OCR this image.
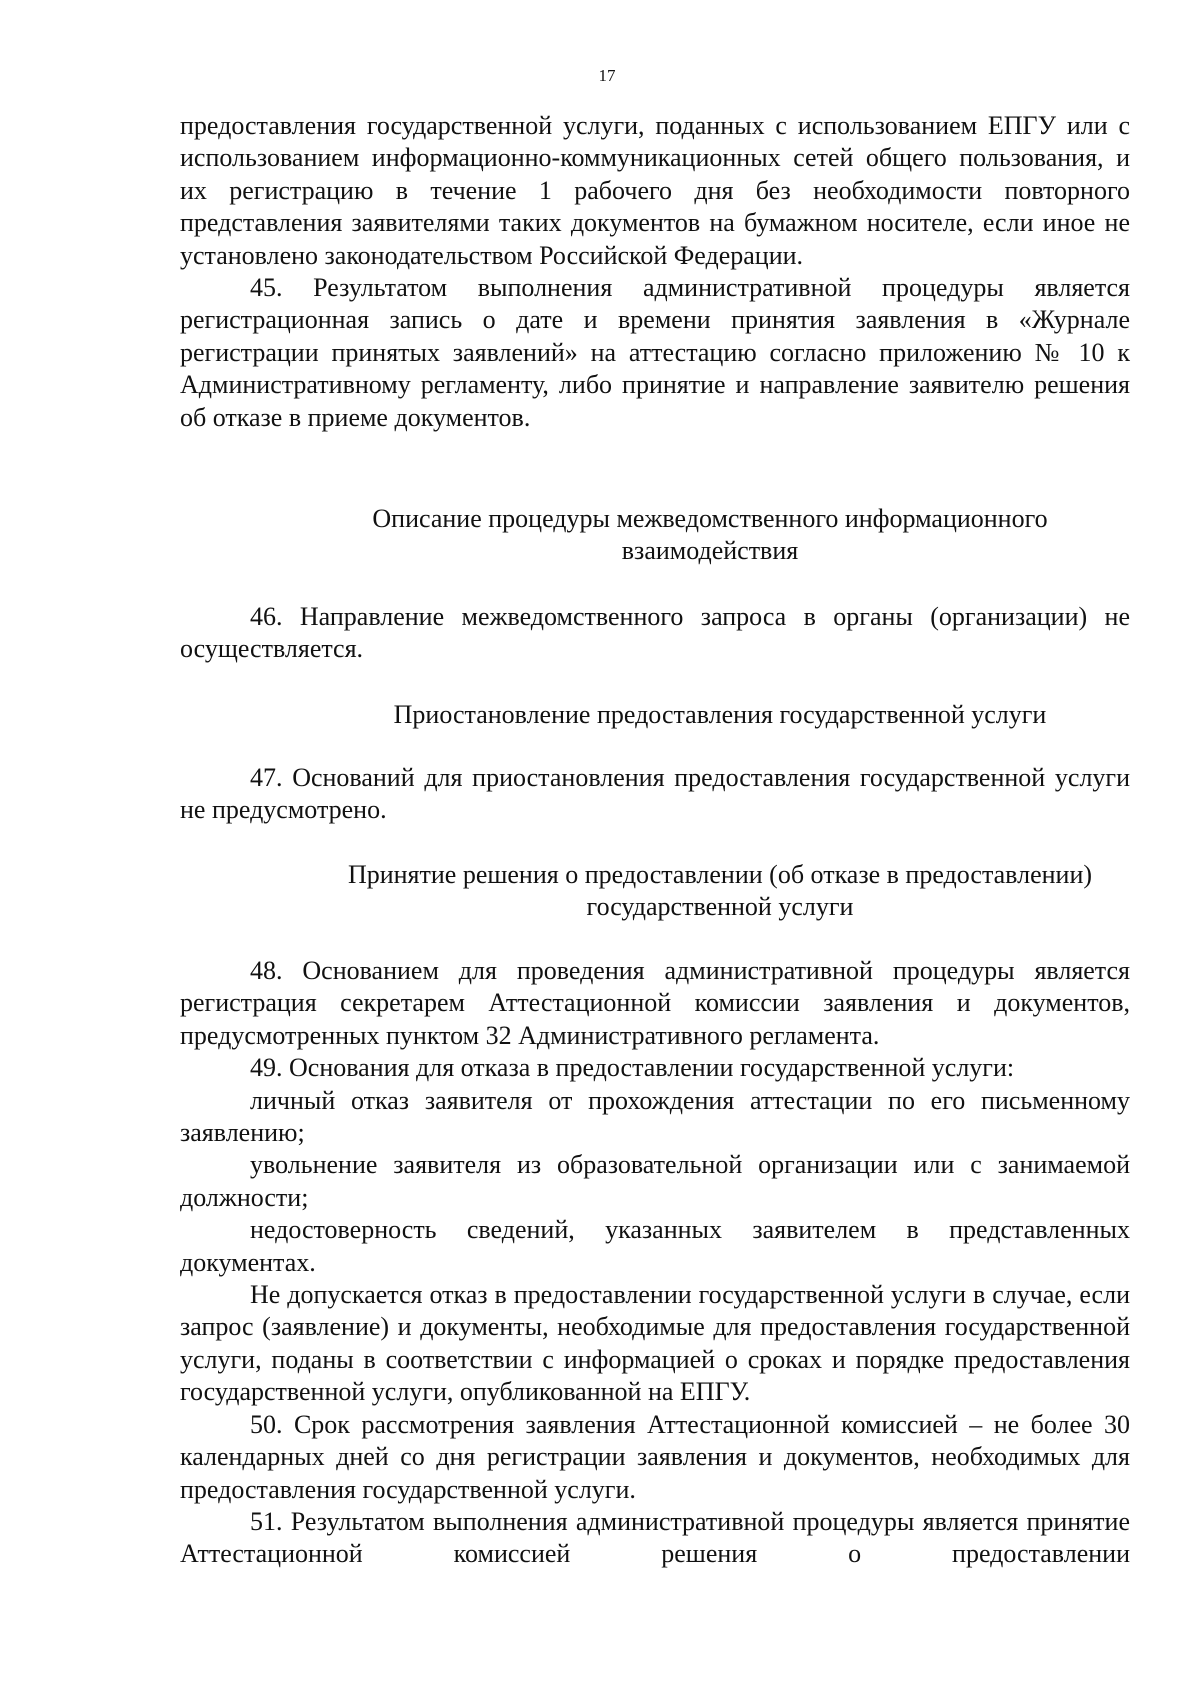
17

предоставления государственной услуги, поданных с использованием ЕПГУ или с использованием информационно-коммуникационных сетей общего пользования, и их регистрацию в течение 1 рабочего дня без необходимости повторного представления заявителями таких документов на бумажном носителе, если иное не установлено законодательством Российской Федерации.

45. Результатом выполнения административной процедуры является регистрационная запись о дате и времени принятия заявления в «Журнале регистрации принятых заявлений» на аттестацию согласно приложению № 10 к Административному регламенту, либо принятие и направление заявителю решения об отказе в приеме документов.

Описание процедуры межведомственного информационного

взаимодействия

46. Направление межведомственного запроса в органы (организации) не осуществляется.

Приостановление предоставления государственной услуги

47. Оснований для приостановления предоставления государственной услуги не предусмотрено.

Принятие решения о предоставлении (об отказе в предоставлении)

государственной услуги

48. Основанием для проведения административной процедуры является регистрация секретарем Аттестационной комиссии заявления и документов, предусмотренных пунктом 32 Административного регламента.

49. Основания для отказа в предоставлении государственной услуги:

личный отказ заявителя от прохождения аттестации по его письменному заявлению;

увольнение заявителя из образовательной организации или с занимаемой должности;

недостоверность сведений, указанных заявителем в представленных документах.

Не допускается отказ в предоставлении государственной услуги в случае, если запрос (заявление) и документы, необходимые для предоставления государственной услуги, поданы в соответствии с информацией о сроках и порядке предоставления государственной услуги, опубликованной на ЕПГУ.

50. Срок рассмотрения заявления Аттестационной комиссией – не более 30 календарных дней со дня регистрации заявления и документов, необходимых для предоставления государственной услуги.

51. Результатом выполнения административной процедуры является принятие Аттестационной комиссией решения о предоставлении
